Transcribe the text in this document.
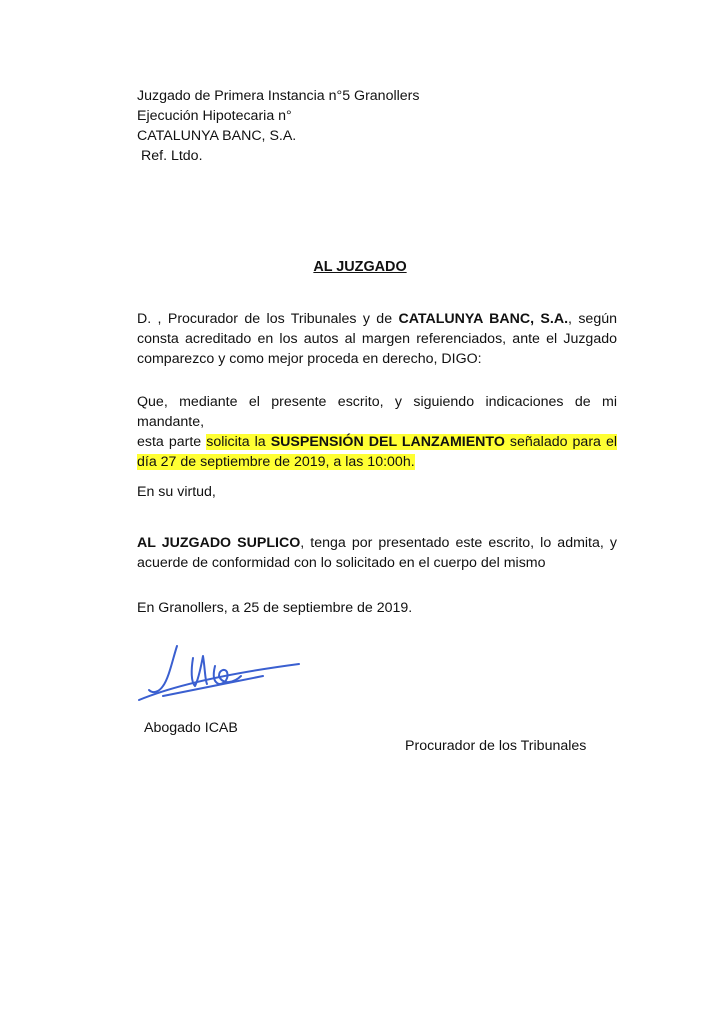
Juzgado de Primera Instancia n°5 Granollers
Ejecución Hipotecaria n°
CATALUNYA BANC, S.A.
Ref. Ltdo.
AL JUZGADO
D. , Procurador de los Tribunales y de CATALUNYA BANC, S.A., según
consta acreditado en los autos al margen referenciados, ante el Juzgado
comparezco y como mejor proceda en derecho, DIGO:
Que, mediante el presente escrito, y siguiendo indicaciones de mi mandante,
esta parte solicita la SUSPENSIÓN DEL LANZAMIENTO señalado para el
día 27 de septiembre de 2019, a las 10:00h.
En su virtud,
AL JUZGADO SUPLICO, tenga por presentado este escrito, lo admita, y
acuerde de conformidad con lo solicitado en el cuerpo del mismo
En Granollers, a 25 de septiembre de 2019.
Abogado ICAB
Procurador de los Tribunales
